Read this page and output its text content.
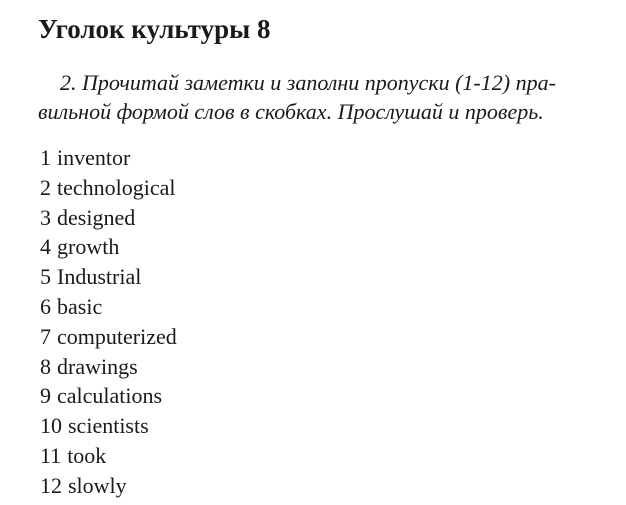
Уголок культуры 8

2. Прочитай заметки и заполни пропуски (1-12) пра-
вильной формой слов в скобках. Прослушай и проверь.

1 inventor
2 technological
3 designed
4 growth
5 Industrial
6 basic
7 computerized
8 drawings
9 calculations
10 scientists
11 took
12 slowly
